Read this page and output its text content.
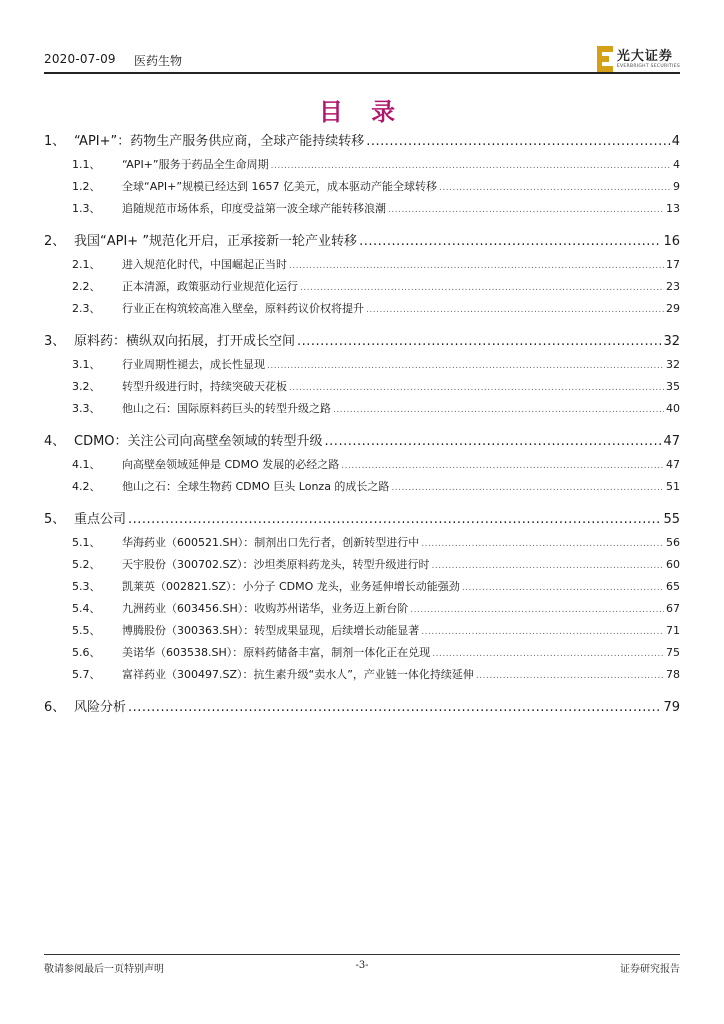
2020-07-09 医药生物	光大证券
EVERBRIGHT SECURITIES
目 录
1、 “API+”：药物生产服务供应商，全球产能持续转移 .....	4
1.1、	“API+”服务于药品全生命周期 .....	4
1.2、	全球“API+”规模已经达到 1657 亿美元，成本驱动产能全球转移 .....	9
1.3、	追随规范市场体系，印度受益第一波全球产能转移浪潮 .....	13
2、 我国“API+ ”规范化开启，正承接新一轮产业转移 .....	16
2.1、	进入规范化时代，中国崛起正当时 .....	17
2.2、	正本清源，政策驱动行业规范化运行 .....	23
2.3、	行业正在构筑较高准入壁垒，原料药议价权将提升 .....	29
3、 原料药：横纵双向拓展，打开成长空间 .....	32
3.1、	行业周期性褪去，成长性显现 .....	32
3.2、	转型升级进行时，持续突破天花板 .....	35
3.3、	他山之石：国际原料药巨头的转型升级之路 .....	40
4、 CDMO：关注公司向高壁垒领域的转型升级 .....	47
4.1、	向高壁垒领域延伸是 CDMO 发展的必经之路 .....	47
4.2、	他山之石：全球生物药 CDMO 巨头 Lonza 的成长之路 .....	51
5、 重点公司 .....	55
5.1、	华海药业（600521.SH）：制剂出口先行者，创新转型进行中 .....	56
5.2、	天宇股份（300702.SZ）：沙坦类原料药龙头，转型升级进行时 .....	60
5.3、	凯莱英（002821.SZ）：小分子 CDMO 龙头，业务延伸增长动能强劲 .....	65
5.4、	九洲药业（603456.SH）：收购苏州诺华，业务迈上新台阶 .....	67
5.5、	博腾股份（300363.SH）：转型成果显现，后续增长动能显著 .....	71
5.6、	美诺华（603538.SH）：原料药储备丰富，制剂一体化正在兑现 .....	75
5.7、	富祥药业（300497.SZ）：抗生素升级“卖水人”，产业链一体化持续延伸 .....	78
6、 风险分析 .....	79
敬请参阅最后一页特别声明	-3-	证券研究报告
